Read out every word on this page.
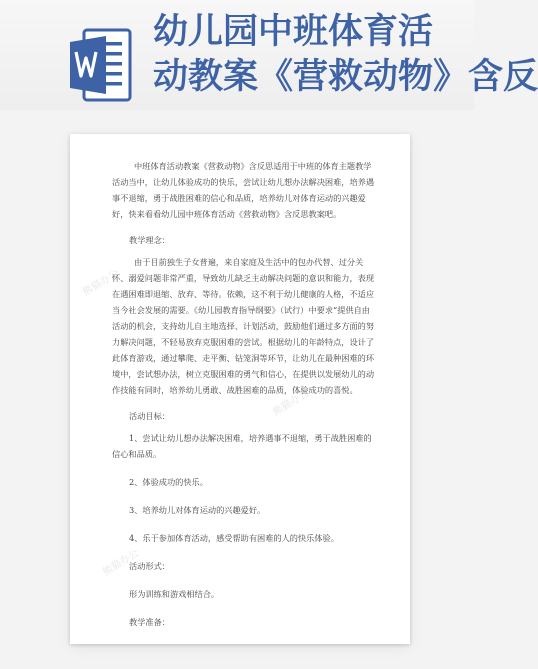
幼儿园中班体育活
动教案《营救动物》含反
熊猫办公
熊猫办公
熊猫办公

中班体育活动教案《营救动物》含反思适用于中班的体育主题教学活动当中，让幼儿体验成功的快乐，尝试让幼儿想办法解决困难，培养遇事不退缩，勇于战胜困难的信心和品质，培养幼儿对体育运动的兴趣爱好，快来看看幼儿园中班体育活动《营救动物》含反思教案吧。

教学理念：

由于目前独生子女普遍，来自家庭及生活中的包办代替、过分关怀、溺爱问题非常严重，导致幼儿缺乏主动解决问题的意识和能力，表现在遇困难即退缩、放弃、等待。依赖，这不利于幼儿健康的人格，不适应当今社会发展的需要。《幼儿园教育指导纲要》（试行）中要求“提供自由活动的机会，支持幼儿自主地选择、计划活动，鼓励他们通过多方面的努力解决问题，不轻易放弃克服困难的尝试。根据幼儿的年龄特点，设计了此体育游戏，通过攀爬、走平衡、钻笼洞等环节，让幼儿在最种困难的环境中，尝试想办法，树立克服困难的勇气和信心，在提供以发展幼儿的动作技能有同时，培养幼儿勇敢、战胜困难的品质，体验成功的喜悦。

活动目标：

1、尝试让幼儿想办法解决困难，培养遇事不退缩，勇于战胜困难的信心和品质。

2、体验成功的快乐。

3、培养幼儿对体育运动的兴趣爱好。

4、乐于参加体育活动，感受帮助有困难的人的快乐体验。

活动形式：

形为训练和游戏相结合。

教学准备：
